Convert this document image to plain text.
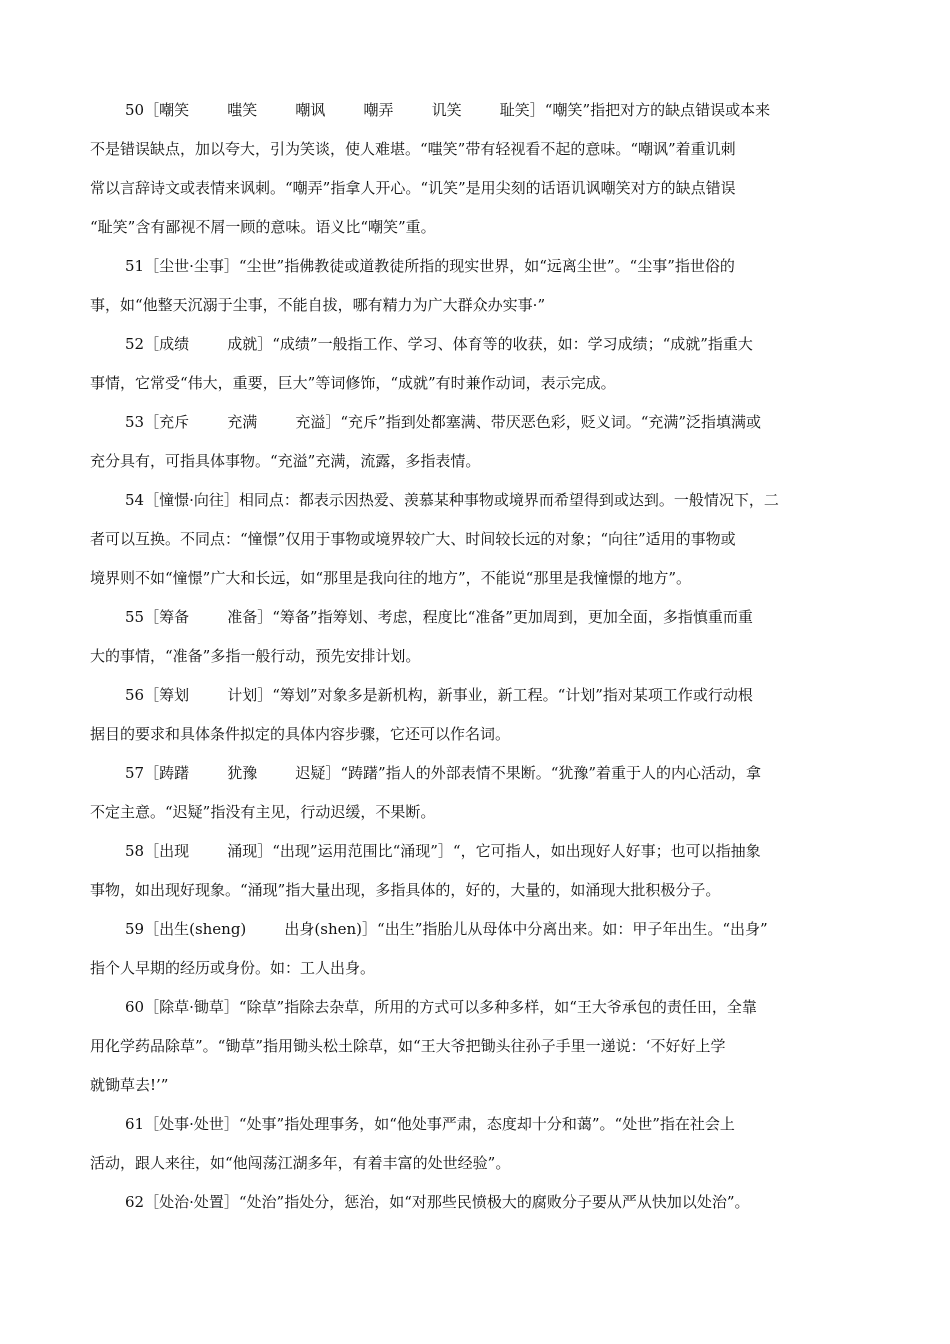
50［嘲笑        嗤笑        嘲讽        嘲弄        讥笑        耻笑］“嘲笑”指把对方的缺点错误或本来
不是错误缺点，加以夸大，引为笑谈，使人难堪。“嗤笑”带有轻视看不起的意味。“嘲讽”着重讥刺
常以言辞诗文或表情来讽刺。“嘲弄”指拿人开心。“讥笑”是用尖刻的话语讥讽嘲笑对方的缺点错误
“耻笑”含有鄙视不屑一顾的意味。语义比“嘲笑”重。
51［尘世·尘事］“尘世”指佛教徒或道教徒所指的现实世界，如“远离尘世”。“尘事”指世俗的
事，如“他整天沉溺于尘事，不能自拔，哪有精力为广大群众办实事·”
52［成绩        成就］“成绩”一般指工作、学习、体育等的收获，如：学习成绩；“成就”指重大
事情，它常受“伟大，重要，巨大”等词修饰，“成就”有时兼作动词，表示完成。
53［充斥        充满        充溢］“充斥”指到处都塞满、带厌恶色彩，贬义词。“充满”泛指填满或
充分具有，可指具体事物。“充溢”充满，流露，多指表情。
54［憧憬·向往］相同点：都表示因热爱、羡慕某种事物或境界而希望得到或达到。一般情况下，二
者可以互换。不同点：“憧憬”仅用于事物或境界较广大、时间较长远的对象；“向往”适用的事物或
境界则不如“憧憬”广大和长远，如“那里是我向往的地方”，不能说“那里是我憧憬的地方”。
55［筹备        准备］“筹备”指筹划、考虑，程度比“准备”更加周到，更加全面，多指慎重而重
大的事情，“准备”多指一般行动，预先安排计划。
56［筹划        计划］“筹划”对象多是新机构，新事业，新工程。“计划”指对某项工作或行动根
据目的要求和具体条件拟定的具体内容步骤，它还可以作名词。
57［踌躇        犹豫        迟疑］“踌躇”指人的外部表情不果断。“犹豫”着重于人的内心活动，拿
不定主意。“迟疑”指没有主见，行动迟缓，不果断。
58［出现        涌现］“出现”运用范围比“涌现”］“，它可指人，如出现好人好事；也可以指抽象
事物，如出现好现象。“涌现”指大量出现，多指具体的，好的，大量的，如涌现大批积极分子。
59［出生(sheng)        出身(shen)］“出生”指胎儿从母体中分离出来。如：甲子年出生。“出身”
指个人早期的经历或身份。如：工人出身。
60［除草·锄草］“除草”指除去杂草，所用的方式可以多种多样，如“王大爷承包的责任田，全靠
用化学药品除草”。“锄草”指用锄头松土除草，如“王大爷把锄头往孙子手里一递说：‘不好好上学
就锄草去!’”
61［处事·处世］“处事”指处理事务，如“他处事严肃，态度却十分和蔼”。“处世”指在社会上
活动，跟人来往，如“他闯荡江湖多年，有着丰富的处世经验”。
62［处治·处置］“处治”指处分，惩治，如“对那些民愤极大的腐败分子要从严从快加以处治”。
